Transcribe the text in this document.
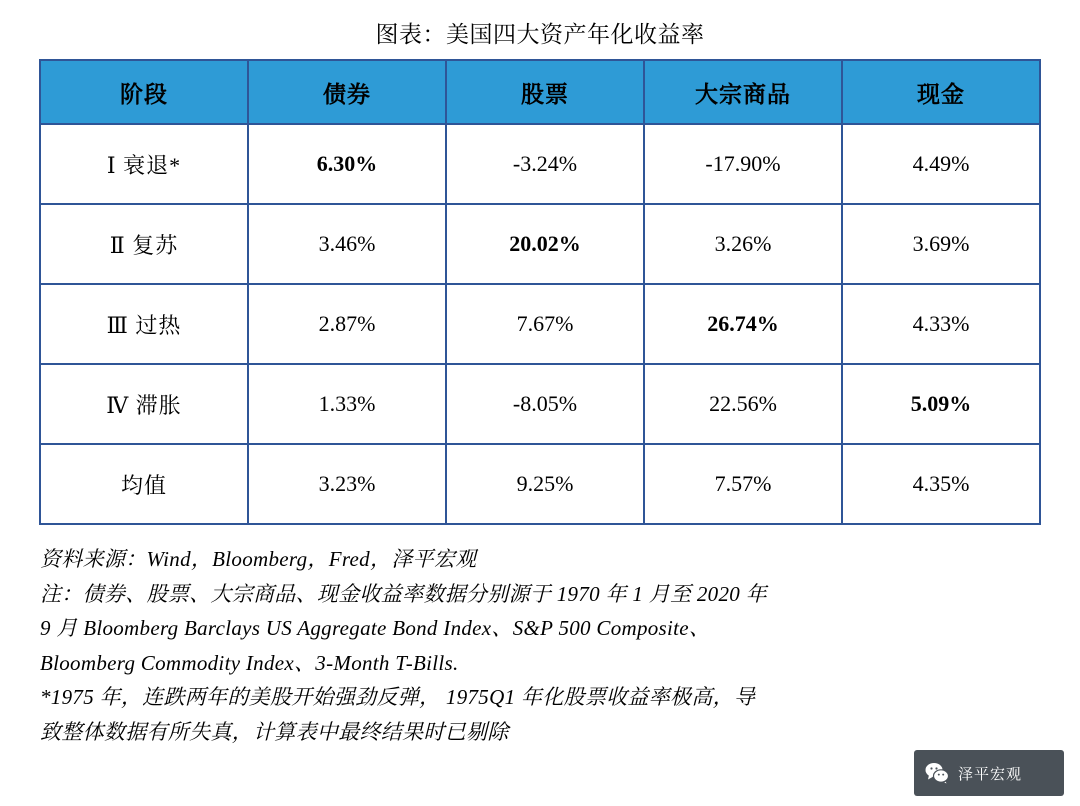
图表：美国四大资产年化收益率
阶段	债券	股票	大宗商品	现金
Ⅰ 衰退*	6.30%	-3.24%	-17.90%	4.49%
Ⅱ 复苏	3.46%	20.02%	3.26%	3.69%
Ⅲ 过热	2.87%	7.67%	26.74%	4.33%
Ⅳ 滞胀	1.33%	-8.05%	22.56%	5.09%
均值	3.23%	9.25%	7.57%	4.35%

资料来源：Wind，Bloomberg，Fred，泽平宏观

注：债券、股票、大宗商品、现金收益率数据分别源于 1970 年 1 月至 2020 年

9 月 Bloomberg Barclays US Aggregate Bond Index、S&P 500 Composite、

Bloomberg Commodity Index、3-Month T-Bills.

*1975 年，连跌两年的美股开始强劲反弹， 1975Q1 年化股票收益率极高，导

致整体数据有所失真，计算表中最终结果时已剔除

泽平宏观
